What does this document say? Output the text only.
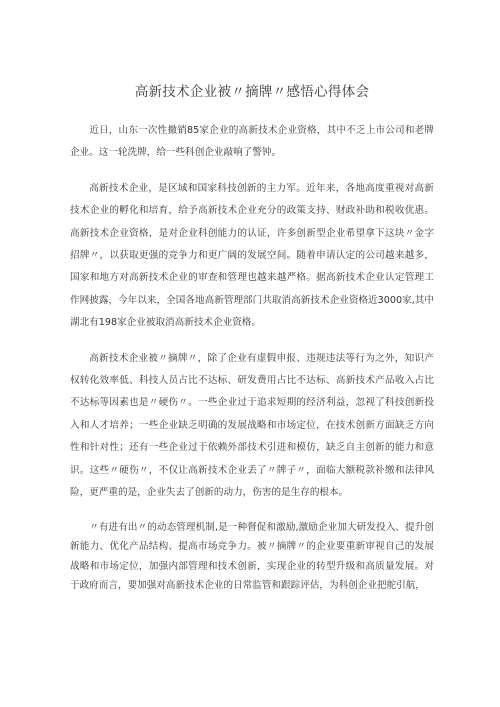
高新技术企业被〃摘牌〃感悟心得体会

近日，山东一次性撤销85家企业的高新技术企业资格，其中不乏上市公司和老牌企业。这一轮洗牌，给一些科创企业敲响了警钟。

高新技术企业，是区域和国家科技创新的主力军。近年来，各地高度重视对高新技术企业的孵化和培育，给予高新技术企业充分的政策支持、财政补助和税收优惠。高新技术企业资格，是对企业科创能力的认证，许多创新型企业希望拿下这块〃金字招牌〃，以获取更强的竞争力和更广阔的发展空间。随着申请认定的公司越来越多，国家和地方对高新技术企业的审查和管理也越来越严格。据高新技术企业认定管理工作网披露，今年以来，全国各地高新管理部门共取消高新技术企业资格近3000家,其中湖北有198家企业被取消高新技术企业资格。

高新技术企业被〃摘牌〃，除了企业有虚假申报、违规违法等行为之外，知识产权转化效率低、科技人员占比不达标、研发费用占比不达标、高新技术产品收入占比不达标等因素也是〃硬伤〃。一些企业过于追求短期的经济利益，忽视了科技创新投入和人才培养；一些企业缺乏明确的发展战略和市场定位，在技术创新方面缺乏方向性和针对性；还有一些企业过于依赖外部技术引进和模仿，缺乏自主创新的能力和意识。这些〃硬伤〃，不仅让高新技术企业丢了〃牌子〃，面临大额税款补缴和法律风险，更严重的是，企业失去了创新的动力，伤害的是生存的根本。

〃有进有出〃的动态管理机制,是一种督促和激励,激励企业加大研发投入、提升创新能力、优化产品结构、提高市场竞争力。被〃摘牌〃的企业要重新审视自己的发展战略和市场定位，加强内部管理和技术创新，实现企业的转型升级和高质量发展。对于政府而言，要加强对高新技术企业的日常监管和跟踪评估，为科创企业把舵引航，
